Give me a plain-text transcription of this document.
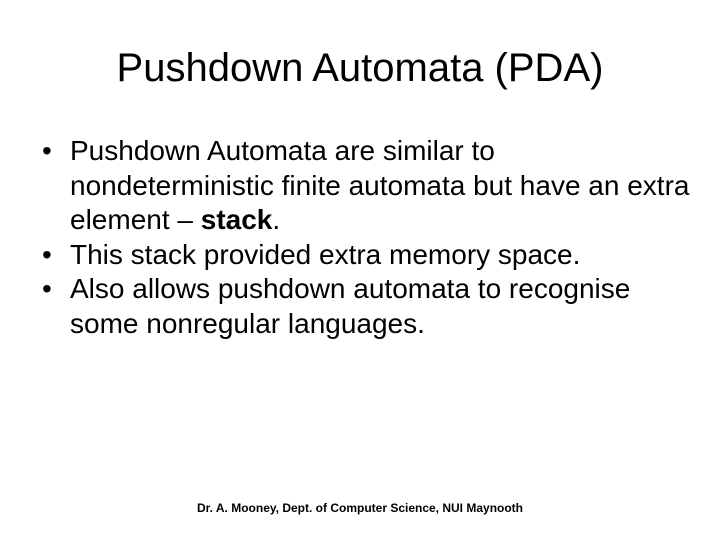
Pushdown Automata (PDA)
• Pushdown Automata are similar to nondeterministic finite automata but have an extra element – stack.
• This stack provided extra memory space.
• Also allows pushdown automata to recognise some nonregular languages.
Dr. A. Mooney, Dept. of Computer Science, NUI Maynooth
